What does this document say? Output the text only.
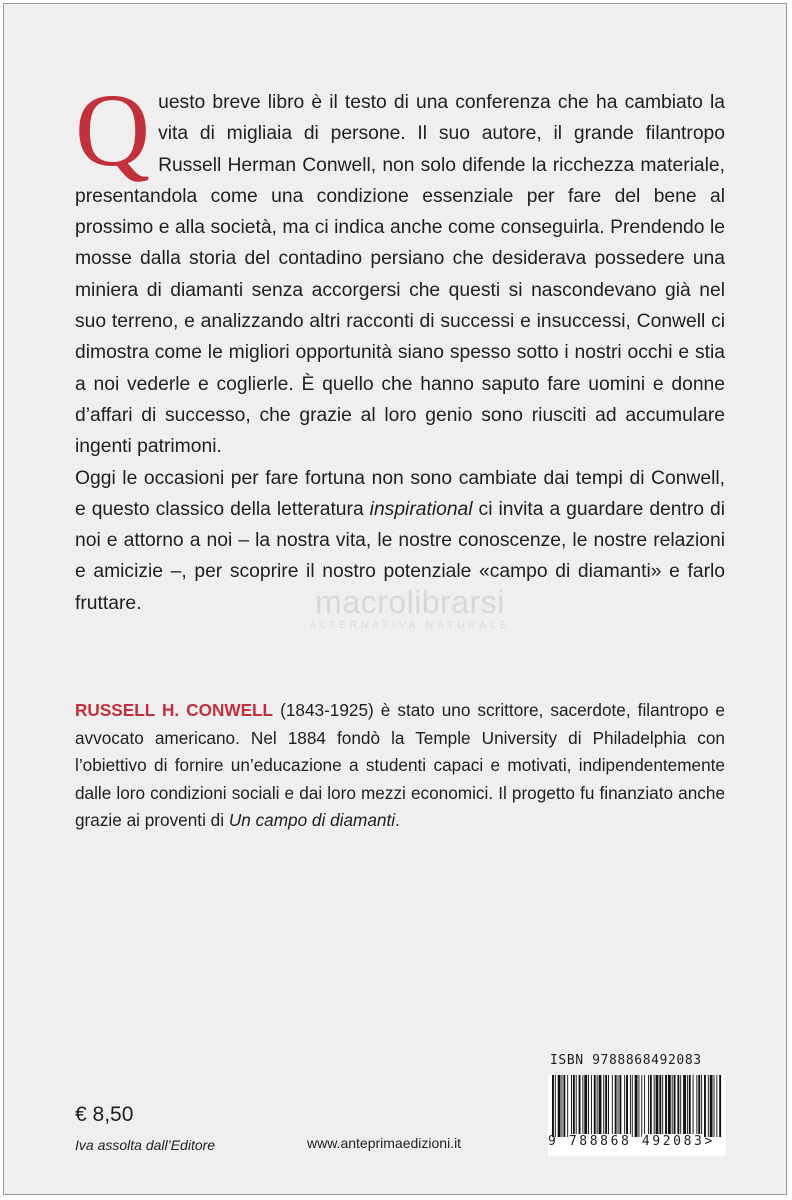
Q uesto breve libro è il testo di una conferenza che ha cambiato la vita di migliaia di persone. Il suo autore, il grande filantropo Russell Herman Conwell, non solo difende la ricchezza materiale, presentandola come una condizione essenziale per fare del bene al prossimo e alla società, ma ci indica anche come conseguirla. Prendendo le mosse dalla storia del contadino persiano che desiderava possedere una miniera di diamanti senza accorgersi che questi si nascondevano già nel suo terreno, e analizzando altri racconti di successi e insuccessi, Conwell ci dimostra come le migliori opportunità siano spesso sotto i nostri occhi e stia a noi vederle e coglierle. È quello che hanno saputo fare uomini e donne d’affari di successo, che grazie al loro genio sono riusciti ad accumulare ingenti patrimoni.

Oggi le occasioni per fare fortuna non sono cambiate dai tempi di Conwell, e questo classico della letteratura inspirational ci invita a guardare dentro di noi e attorno a noi – la nostra vita, le nostre conoscenze, le nostre relazioni e amicizie –, per scoprire il nostro potenziale «campo di diamanti» e farlo fruttare.	macrolibrarsi
ALTERNATIVA NATURALE

RUSSELL H. CONWELL (1843-1925) è stato uno scrittore, sacerdote, filantropo e avvocato americano. Nel 1884 fondò la Temple University di Philadelphia con l’obiettivo di fornire un’educazione a studenti capaci e motivati, indipendentemente dalle loro condizioni sociali e dai loro mezzi economici. Il progetto fu finanziato anche grazie ai proventi di Un campo di diamanti.

€ 8,50
Iva assolta dall’Editore	www.anteprimaedizioni.it
ISBN 9788868492083
9 788868 492083>
